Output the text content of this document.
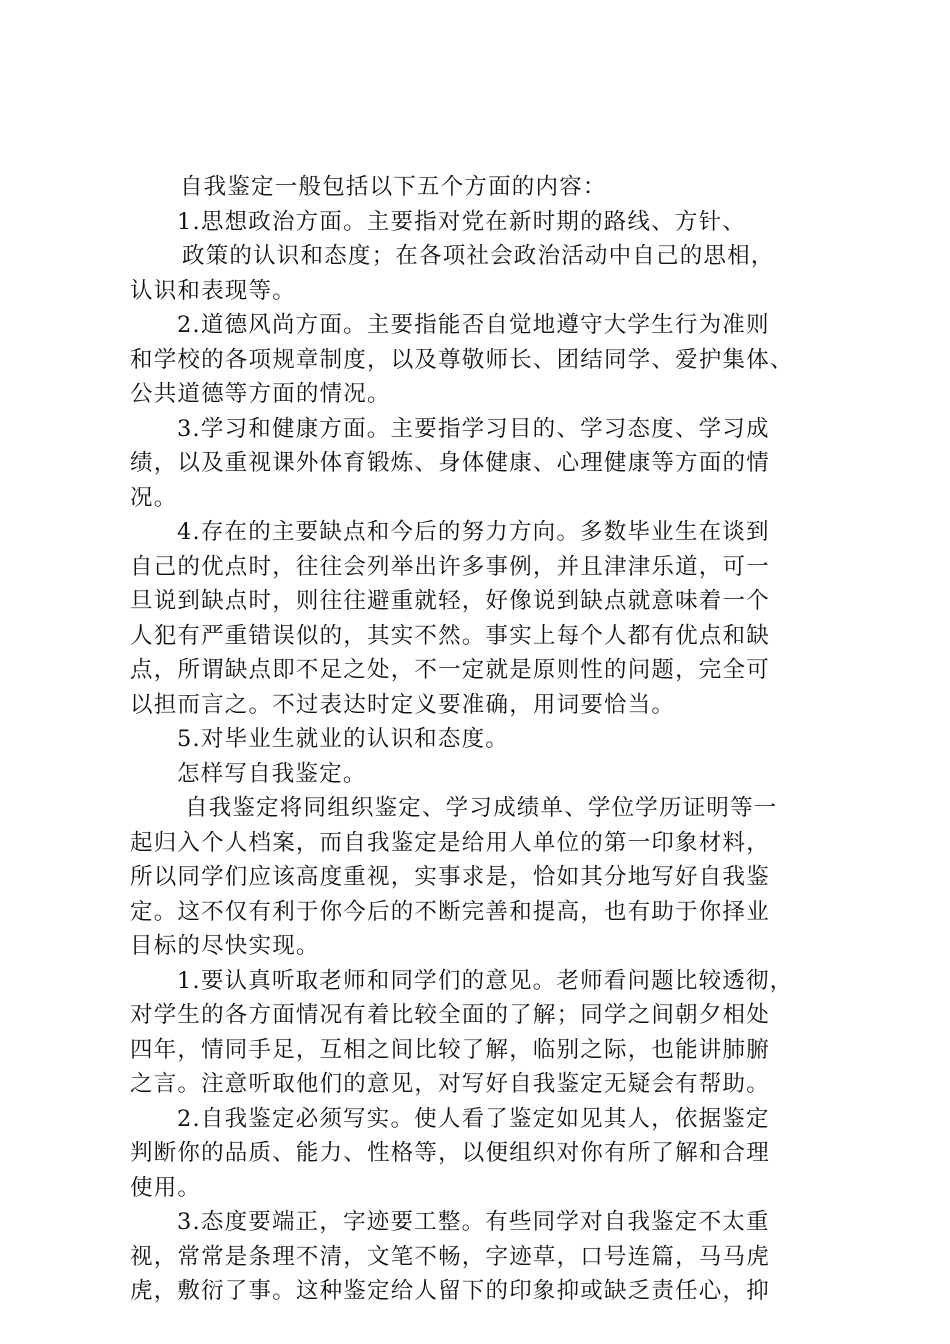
自我鉴定一般包括以下五个方面的内容：
1.思想政治方面。主要指对党在新时期的路线、方针、
政策的认识和态度；在各项社会政治活动中自己的思相，
认识和表现等。
2.道德风尚方面。主要指能否自觉地遵守大学生行为准则
和学校的各项规章制度，以及尊敬师长、团结同学、爱护集体、
公共道德等方面的情况。
3.学习和健康方面。主要指学习目的、学习态度、学习成
绩，以及重视课外体育锻炼、身体健康、心理健康等方面的情
况。
4.存在的主要缺点和今后的努力方向。多数毕业生在谈到
自己的优点时，往往会列举出许多事例，并且津津乐道，可一
旦说到缺点时，则往往避重就轻，好像说到缺点就意味着一个
人犯有严重错误似的，其实不然。事实上每个人都有优点和缺
点，所谓缺点即不足之处，不一定就是原则性的问题，完全可
以担而言之。不过表达时定义要准确，用词要恰当。
5.对毕业生就业的认识和态度。
怎样写自我鉴定。
自我鉴定将同组织鉴定、学习成绩单、学位学历证明等一
起归入个人档案，而自我鉴定是给用人单位的第一印象材料，
所以同学们应该高度重视，实事求是，恰如其分地写好自我鉴
定。这不仅有利于你今后的不断完善和提高，也有助于你择业
目标的尽快实现。
1.要认真听取老师和同学们的意见。老师看问题比较透彻，
对学生的各方面情况有着比较全面的了解；同学之间朝夕相处
四年，情同手足，互相之间比较了解，临别之际，也能讲肺腑
之言。注意听取他们的意见，对写好自我鉴定无疑会有帮助。
2.自我鉴定必须写实。使人看了鉴定如见其人，依据鉴定
判断你的品质、能力、性格等，以便组织对你有所了解和合理
使用。
3.态度要端正，字迹要工整。有些同学对自我鉴定不太重
视，常常是条理不清，文笔不畅，字迹草，口号连篇，马马虎
虎，敷衍了事。这种鉴定给人留下的印象抑或缺乏责任心，抑
